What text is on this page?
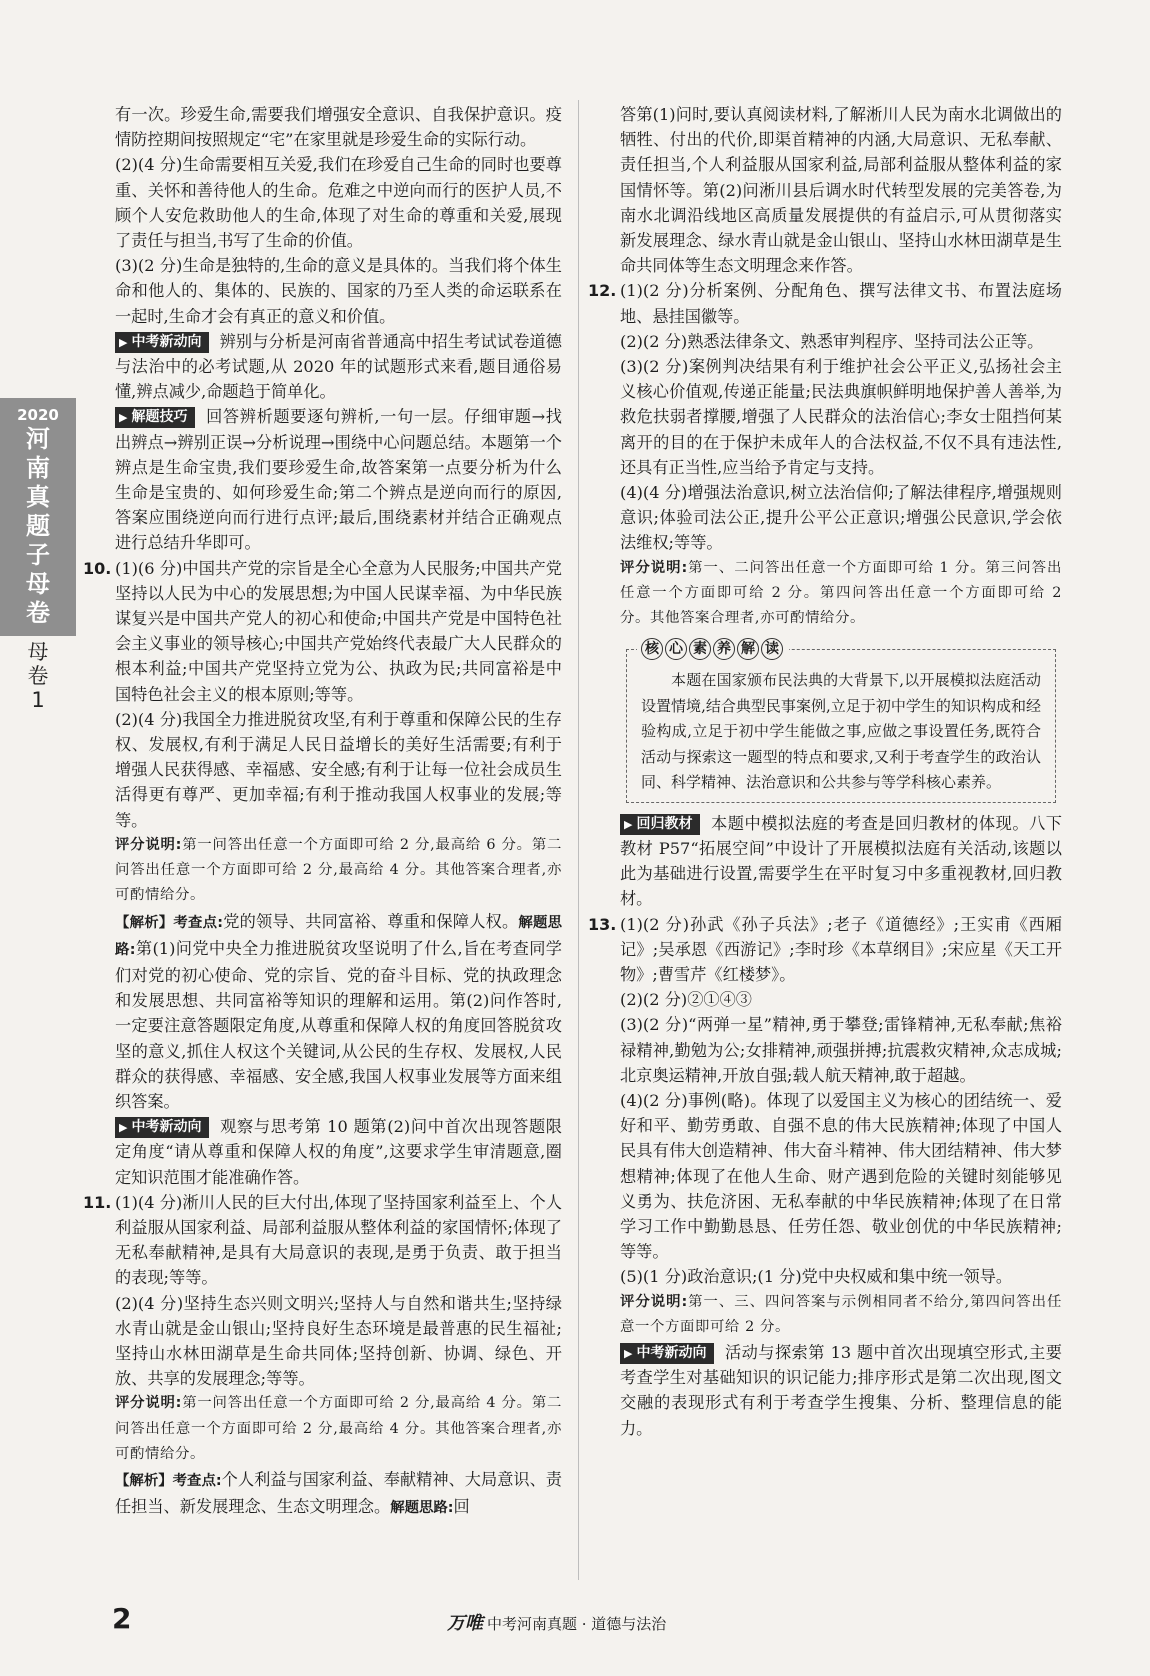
2020
河
南
真
题
子
母
卷
母
卷
1

有一次。珍爱生命,需要我们增强安全意识、自我保护意识。疫情防控期间按照规定“宅”在家里就是珍爱生命的实际行动。

(2)(4 分)生命需要相互关爱,我们在珍爱自己生命的同时也要尊重、关怀和善待他人的生命。危难之中逆向而行的医护人员,不顾个人安危救助他人的生命,体现了对生命的尊重和关爱,展现了责任与担当,书写了生命的价值。

(3)(2 分)生命是独特的,生命的意义是具体的。当我们将个体生命和他人的、集体的、民族的、国家的乃至人类的命运联系在一起时,生命才会有真正的意义和价值。

▶ 中考新动向 辨别与分析是河南省普通高中招生考试试卷道德与法治中的必考试题,从 2020 年的试题形式来看,题目通俗易懂,辨点减少,命题趋于简单化。

▶ 解题技巧 回答辨析题要逐句辨析,一句一层。仔细审题→找出辨点→辨别正误→分析说理→围绕中心问题总结。本题第一个辨点是生命宝贵,我们要珍爱生命,故答案第一点要分析为什么生命是宝贵的、如何珍爱生命;第二个辨点是逆向而行的原因,答案应围绕逆向而行进行点评;最后,围绕素材并结合正确观点进行总结升华即可。

10. (1)(6 分)中国共产党的宗旨是全心全意为人民服务;中国共产党坚持以人民为中心的发展思想;为中国人民谋幸福、为中华民族谋复兴是中国共产党人的初心和使命;中国共产党是中国特色社会主义事业的领导核心;中国共产党始终代表最广大人民群众的根本利益;中国共产党坚持立党为公、执政为民;共同富裕是中国特色社会主义的根本原则;等等。

(2)(4 分)我国全力推进脱贫攻坚,有利于尊重和保障公民的生存权、发展权,有利于满足人民日益增长的美好生活需要;有利于增强人民获得感、幸福感、安全感;有利于让每一位社会成员生活得更有尊严、更加幸福;有利于推动我国人权事业的发展;等等。

评分说明:第一问答出任意一个方面即可给 2 分,最高给 6 分。第二问答出任意一个方面即可给 2 分,最高给 4 分。其他答案合理者,亦可酌情给分。

【解析】考查点:党的领导、共同富裕、尊重和保障人权。解题思路:第(1)问党中央全力推进脱贫攻坚说明了什么,旨在考查同学们对党的初心使命、党的宗旨、党的奋斗目标、党的执政理念和发展思想、共同富裕等知识的理解和运用。第(2)问作答时,一定要注意答题限定角度,从尊重和保障人权的角度回答脱贫攻坚的意义,抓住人权这个关键词,从公民的生存权、发展权,人民群众的获得感、幸福感、安全感,我国人权事业发展等方面来组织答案。

▶ 中考新动向 观察与思考第 10 题第(2)问中首次出现答题限定角度“请从尊重和保障人权的角度”,这要求学生审清题意,圈定知识范围才能准确作答。

11. (1)(4 分)淅川人民的巨大付出,体现了坚持国家利益至上、个人利益服从国家利益、局部利益服从整体利益的家国情怀;体现了无私奉献精神,是具有大局意识的表现,是勇于负责、敢于担当的表现;等等。

(2)(4 分)坚持生态兴则文明兴;坚持人与自然和谐共生;坚持绿水青山就是金山银山;坚持良好生态环境是最普惠的民生福祉;坚持山水林田湖草是生命共同体;坚持创新、协调、绿色、开放、共享的发展理念;等等。

评分说明:第一问答出任意一个方面即可给 2 分,最高给 4 分。第二问答出任意一个方面即可给 2 分,最高给 4 分。其他答案合理者,亦可酌情给分。

【解析】考查点:个人利益与国家利益、奉献精神、大局意识、责任担当、新发展理念、生态文明理念。解题思路:回

答第(1)问时,要认真阅读材料,了解淅川人民为南水北调做出的牺牲、付出的代价,即渠首精神的内涵,大局意识、无私奉献、责任担当,个人利益服从国家利益,局部利益服从整体利益的家国情怀等。第(2)问淅川县后调水时代转型发展的完美答卷,为南水北调沿线地区高质量发展提供的有益启示,可从贯彻落实新发展理念、绿水青山就是金山银山、坚持山水林田湖草是生命共同体等生态文明理念来作答。

12. (1)(2 分)分析案例、分配角色、撰写法律文书、布置法庭场地、悬挂国徽等。

(2)(2 分)熟悉法律条文、熟悉审判程序、坚持司法公正等。

(3)(2 分)案例判决结果有利于维护社会公平正义,弘扬社会主义核心价值观,传递正能量;民法典旗帜鲜明地保护善人善举,为救危扶弱者撑腰,增强了人民群众的法治信心;李女士阻挡何某离开的目的在于保护未成年人的合法权益,不仅不具有违法性,还具有正当性,应当给予肯定与支持。

(4)(4 分)增强法治意识,树立法治信仰;了解法律程序,增强规则意识;体验司法公正,提升公平公正意识;增强公民意识,学会依法维权;等等。

评分说明:第一、二问答出任意一个方面即可给 1 分。第三问答出任意一个方面即可给 2 分。第四问答出任意一个方面即可给 2 分。其他答案合理者,亦可酌情给分。

核 心 素 养 解 读

本题在国家颁布民法典的大背景下,以开展模拟法庭活动设置情境,结合典型民事案例,立足于初中学生的知识构成和经验构成,立足于初中学生能做之事,应做之事设置任务,既符合活动与探索这一题型的特点和要求,又利于考查学生的政治认同、科学精神、法治意识和公共参与等学科核心素养。

▶ 回归教材 本题中模拟法庭的考查是回归教材的体现。八下教材 P57“拓展空间”中设计了开展模拟法庭有关活动,该题以此为基础进行设置,需要学生在平时复习中多重视教材,回归教材。

13. (1)(2 分)孙武《孙子兵法》;老子《道德经》;王实甫《西厢记》;吴承恩《西游记》;李时珍《本草纲目》;宋应星《天工开物》;曹雪芹《红楼梦》。

(2)(2 分)②①④③

(3)(2 分)“两弹一星”精神,勇于攀登;雷锋精神,无私奉献;焦裕禄精神,勤勉为公;女排精神,顽强拼搏;抗震救灾精神,众志成城;北京奥运精神,开放自强;载人航天精神,敢于超越。

(4)(2 分)事例(略)。体现了以爱国主义为核心的团结统一、爱好和平、勤劳勇敢、自强不息的伟大民族精神;体现了中国人民具有伟大创造精神、伟大奋斗精神、伟大团结精神、伟大梦想精神;体现了在他人生命、财产遇到危险的关键时刻能够见义勇为、扶危济困、无私奉献的中华民族精神;体现了在日常学习工作中勤勤恳恳、任劳任怨、敬业创优的中华民族精神;等等。

(5)(1 分)政治意识;(1 分)党中央权威和集中统一领导。

评分说明:第一、三、四问答案与示例相同者不给分,第四问答出任意一个方面即可给 2 分。

▶ 中考新动向 活动与探索第 13 题中首次出现填空形式,主要考查学生对基础知识的识记能力;排序形式是第二次出现,图文交融的表现形式有利于考查学生搜集、分析、整理信息的能力。

2	万唯 中考河南真题 · 道德与法治
